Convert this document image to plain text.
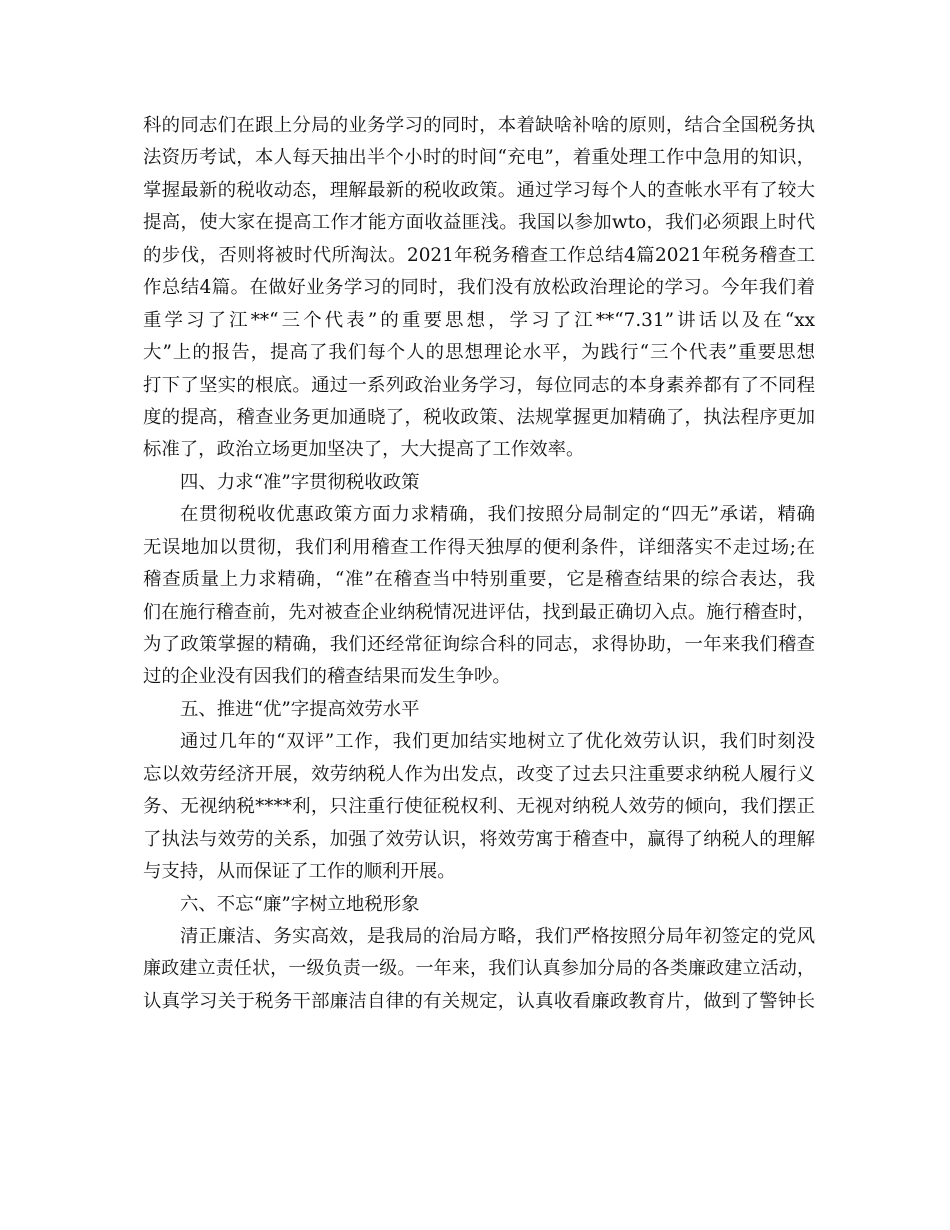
科的同志们在跟上分局的业务学习的同时，本着缺啥补啥的原则，结合全国税务执
法资历考试，本人每天抽出半个小时的时间“充电”，着重处理工作中急用的知识，
掌握最新的税收动态，理解最新的税收政策。通过学习每个人的查帐水平有了较大
提高，使大家在提高工作才能方面收益匪浅。我国以参加wto，我们必须跟上时代
的步伐，否则将被时代所淘汰。2021年税务稽查工作总结4篇2021年税务稽查工
作总结4篇。在做好业务学习的同时，我们没有放松政治理论的学习。今年我们着
重学习了江**“三个代表”的重要思想，学习了江**“7.31”讲话以及在“xx
大”上的报告，提高了我们每个人的思想理论水平，为践行“三个代表”重要思想
打下了坚实的根底。通过一系列政治业务学习，每位同志的本身素养都有了不同程
度的提高，稽查业务更加通晓了，税收政策、法规掌握更加精确了，执法程序更加
标准了，政治立场更加坚决了，大大提高了工作效率。
四、力求“准”字贯彻税收政策
在贯彻税收优惠政策方面力求精确，我们按照分局制定的“四无”承诺，精确
无误地加以贯彻，我们利用稽查工作得天独厚的便利条件，详细落实不走过场;在
稽查质量上力求精确，“准”在稽查当中特别重要，它是稽查结果的综合表达，我
们在施行稽查前，先对被查企业纳税情况进评估，找到最正确切入点。施行稽查时，
为了政策掌握的精确，我们还经常征询综合科的同志，求得协助，一年来我们稽查
过的企业没有因我们的稽查结果而发生争吵。
五、推进“优”字提高效劳水平
通过几年的“双评”工作，我们更加结实地树立了优化效劳认识，我们时刻没
忘以效劳经济开展，效劳纳税人作为出发点，改变了过去只注重要求纳税人履行义
务、无视纳税****利，只注重行使征税权利、无视对纳税人效劳的倾向，我们摆正
了执法与效劳的关系，加强了效劳认识，将效劳寓于稽查中，赢得了纳税人的理解
与支持，从而保证了工作的顺利开展。
六、不忘“廉”字树立地税形象
清正廉洁、务实高效，是我局的治局方略，我们严格按照分局年初签定的党风
廉政建立责任状，一级负责一级。一年来，我们认真参加分局的各类廉政建立活动，
认真学习关于税务干部廉洁自律的有关规定，认真收看廉政教育片，做到了警钟长
